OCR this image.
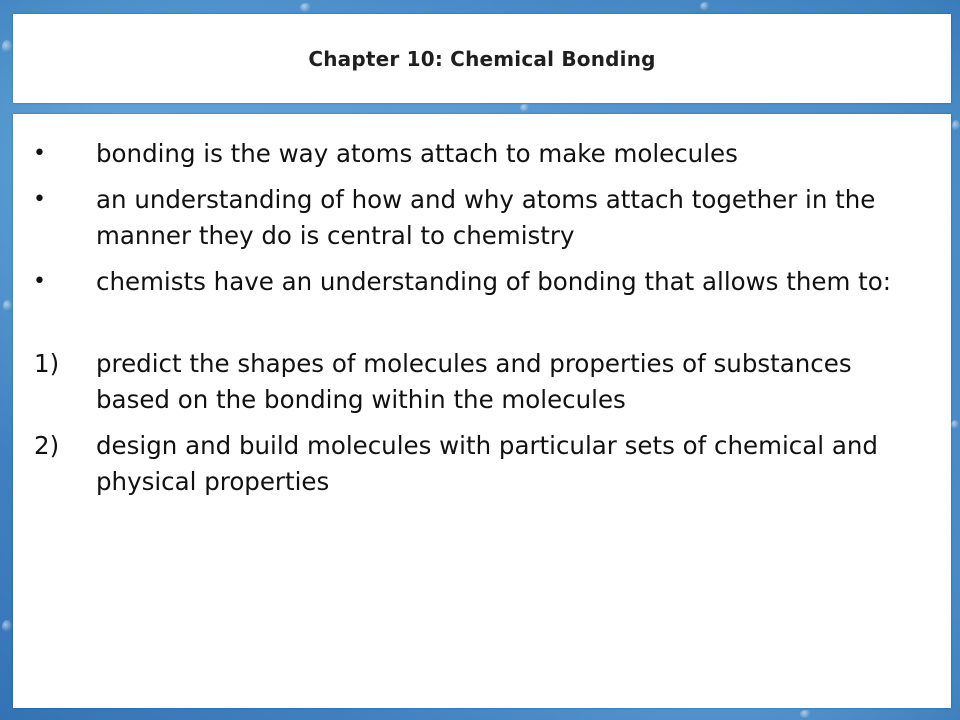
Chapter 10: Chemical Bonding
•	bonding is the way atoms attach to make molecules
•	an understanding of how and why atoms attach together in the manner they do is central to chemistry
•	chemists have an understanding of bonding that allows them to:
1)	predict the shapes of molecules and properties of substances based on the bonding within the molecules
2)	design and build molecules with particular sets of chemical and physical properties
